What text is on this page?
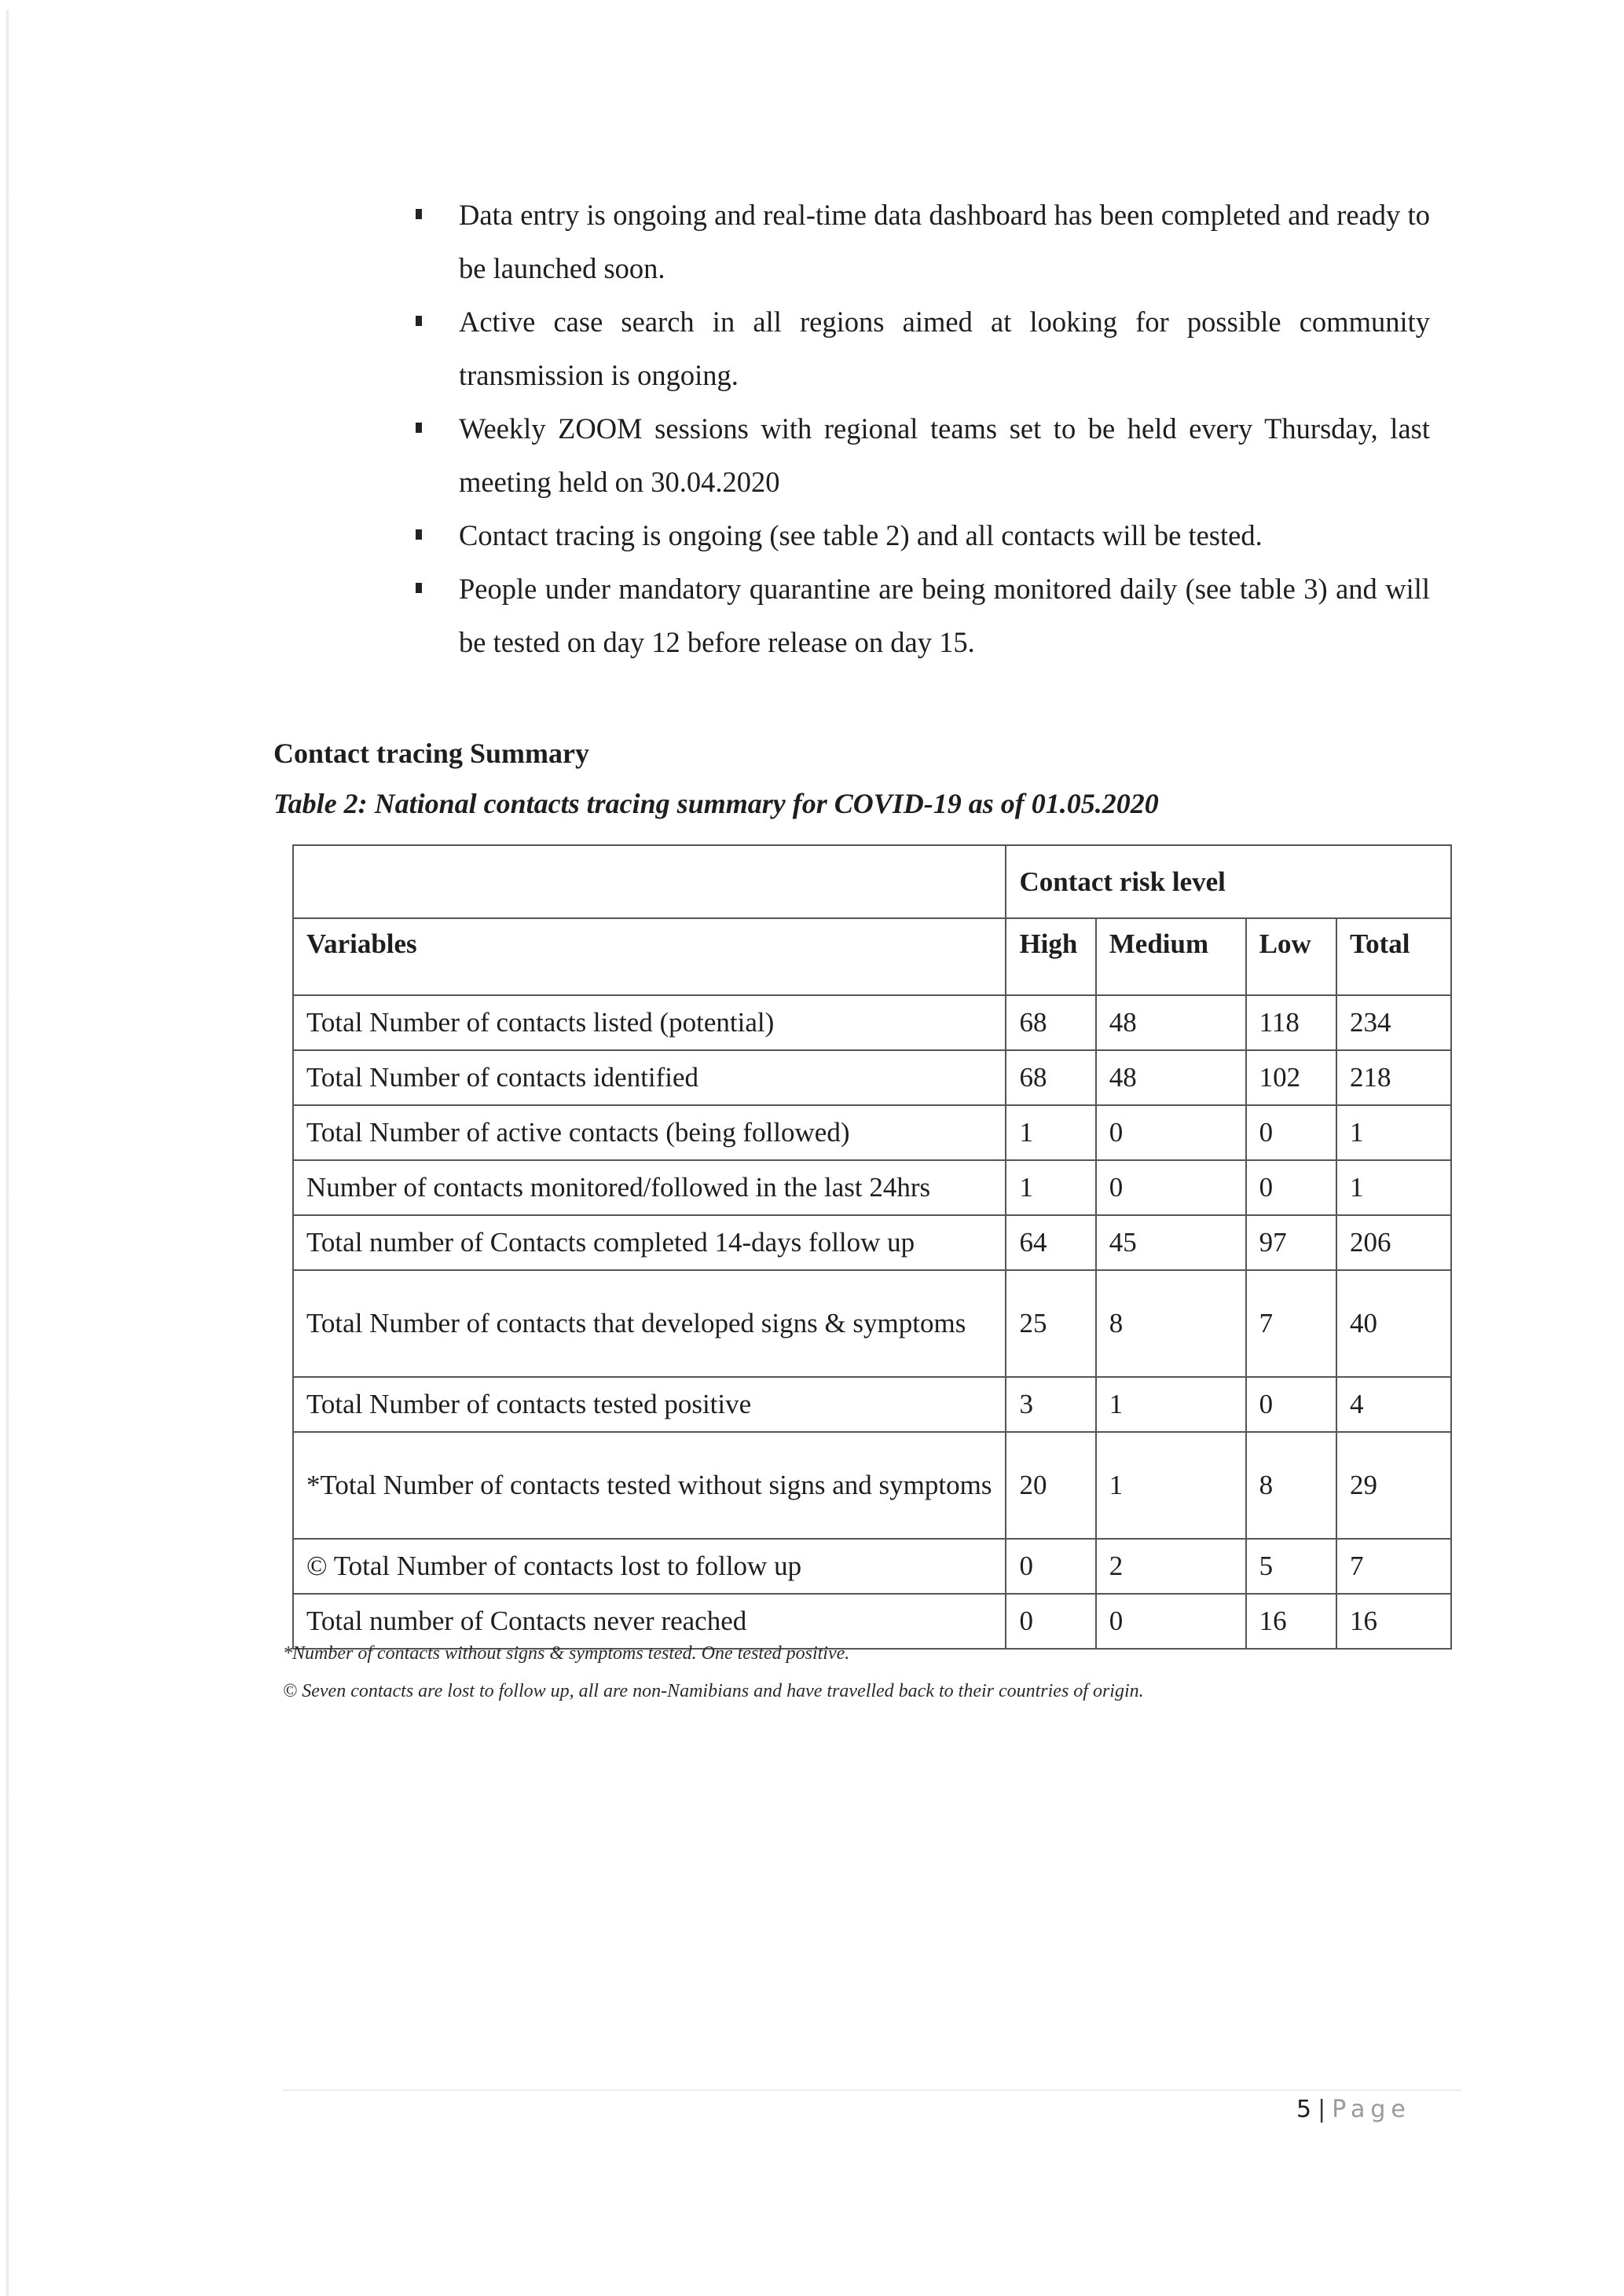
Data entry is ongoing and real-time data dashboard has been completed and ready to be launched soon.
Active case search in all regions aimed at looking for possible community transmission is ongoing.
Weekly ZOOM sessions with regional teams set to be held every Thursday, last meeting held on 30.04.2020
Contact tracing is ongoing (see table 2) and all contacts will be tested.
People under mandatory quarantine are being monitored daily (see table 3) and will be tested on day 12 before release on day 15.
Contact tracing Summary

Table 2: National contacts tracing summary for COVID-19 as of 01.05.2020

	Contact risk level			
Variables	High	Medium	Low	Total
Total Number of contacts listed (potential)	68	48	118	234
Total Number of contacts identified	68	48	102	218
Total Number of active contacts (being followed)	1	0	0	1
Number of contacts monitored/followed in the last 24hrs	1	0	0	1
Total number of Contacts completed 14-days follow up	64	45	97	206
Total Number of contacts that developed signs & symptoms	25	8	7	40
Total Number of contacts tested positive	3	1	0	4
*Total Number of contacts tested without signs and symptoms	20	1	8	29
© Total Number of contacts lost to follow up	0	2	5	7
Total number of Contacts never reached	0	0	16	16

*Number of contacts without signs & symptoms tested. One tested positive.

© Seven contacts are lost to follow up, all are non-Namibians and have travelled back to their countries of origin.

5 | Page
